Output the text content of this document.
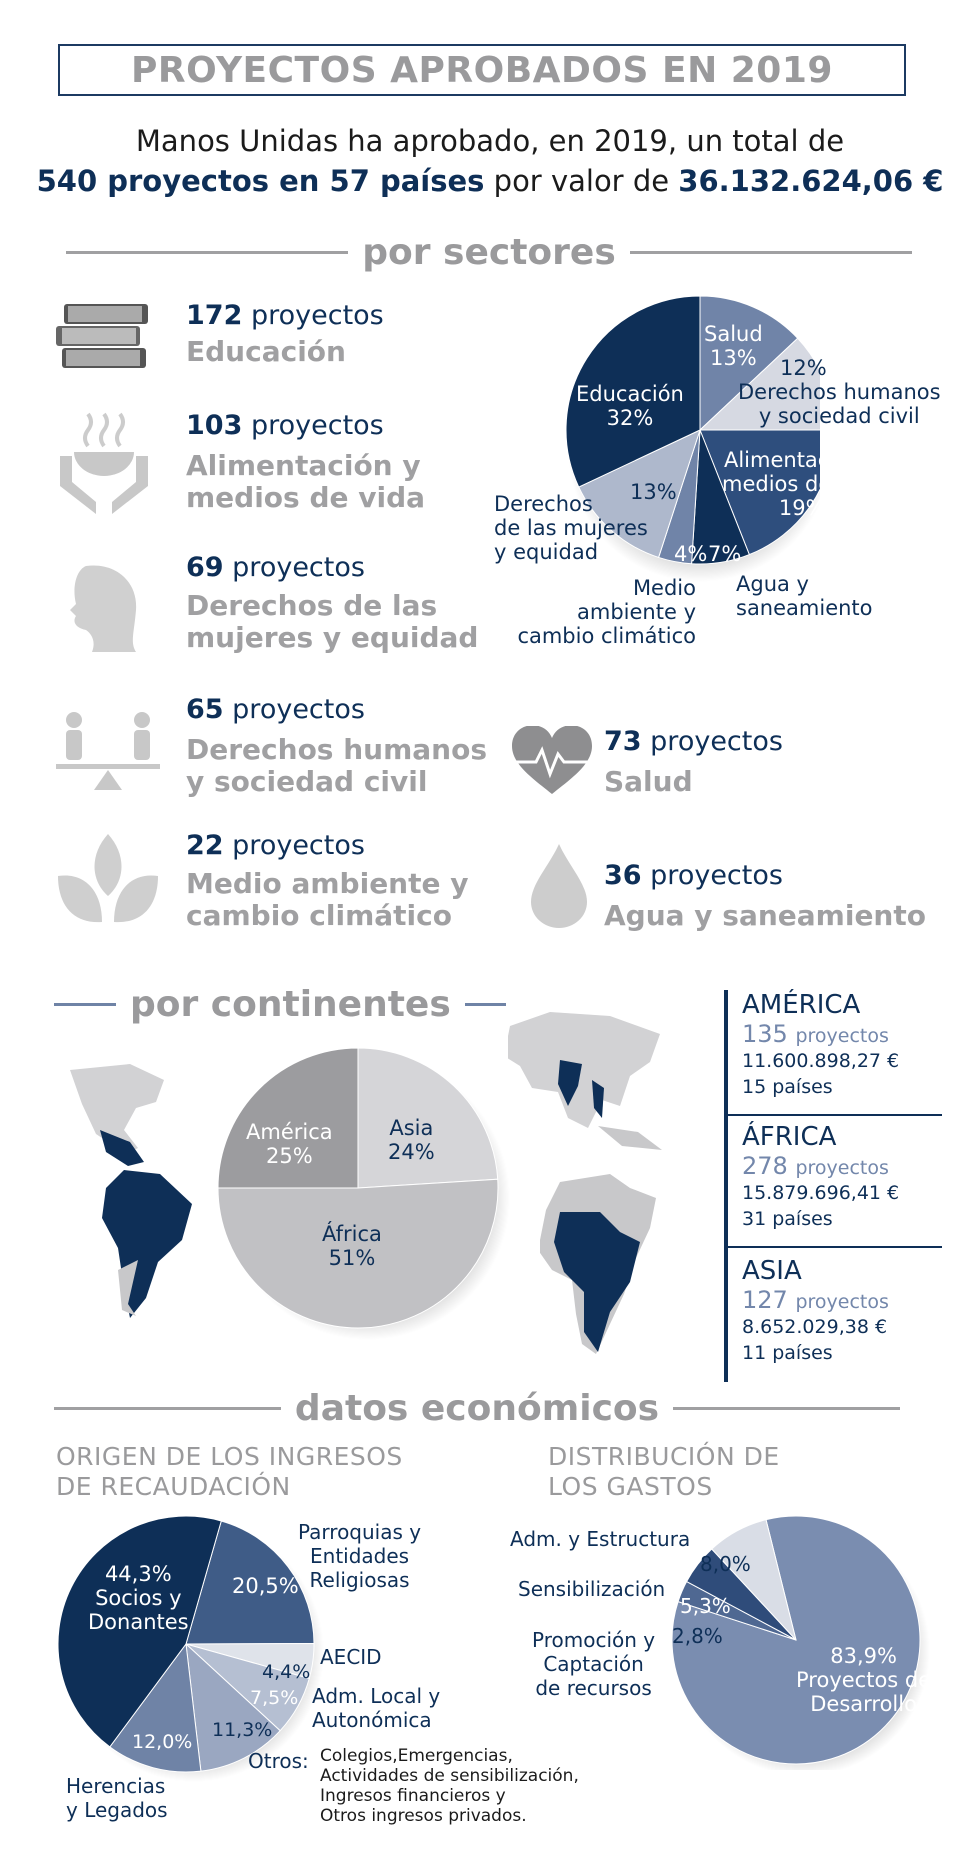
PROYECTOS APROBADOS EN 2019
Manos Unidas ha aprobado, en 2019, un total de
540 proyectos en 57 países por valor de 36.132.624,06 €
por sectores
172 proyectos
Educación
103 proyectos
Alimentación y
medios de vida
69 proyectos
Derechos de las
mujeres y equidad
65 proyectos
Derechos humanos
y sociedad civil
22 proyectos
Medio ambiente y
cambio climático
73 proyectos
Salud
36 proyectos
Agua y saneamiento
Salud
13% 12%
Derechos humanos
y sociedad civil
Alimentación y
medios de vida
19%
Educación
32%
13%
Derechos
de las mujeres
y equidad	4% 7%
Medio
ambiente y
cambio climático
Agua y
saneamiento
por continentes
América
25%
Asia
24%
África
51%
AMÉRICA
135 proyectos
11.600.898,27 €
15 países
ÁFRICA
278 proyectos
15.879.696,41 €
31 países
ASIA
127 proyectos
8.652.029,38 €
11 países
datos económicos
ORIGEN DE LOS INGRESOS
DE RECAUDACIÓN
DISTRIBUCIÓN DE
LOS GASTOS
44,3%
Socios y
Donantes
20,5%
Parroquias y
Entidades
Religiosas
AECID
4,4%
7,5% Adm. Local y
Autonómica
11,3%
12,0%
Herencias
y Legados
Otros: Colegios,Emergencias,
Actividades de sensibilización,
Ingresos financieros y
Otros ingresos privados.
Adm. y Estructura
8,0%
Sensibilización
5,3%
Promoción y
Captación
de recursos
2,8%
83,9%
Proyectos de
Desarrollo
